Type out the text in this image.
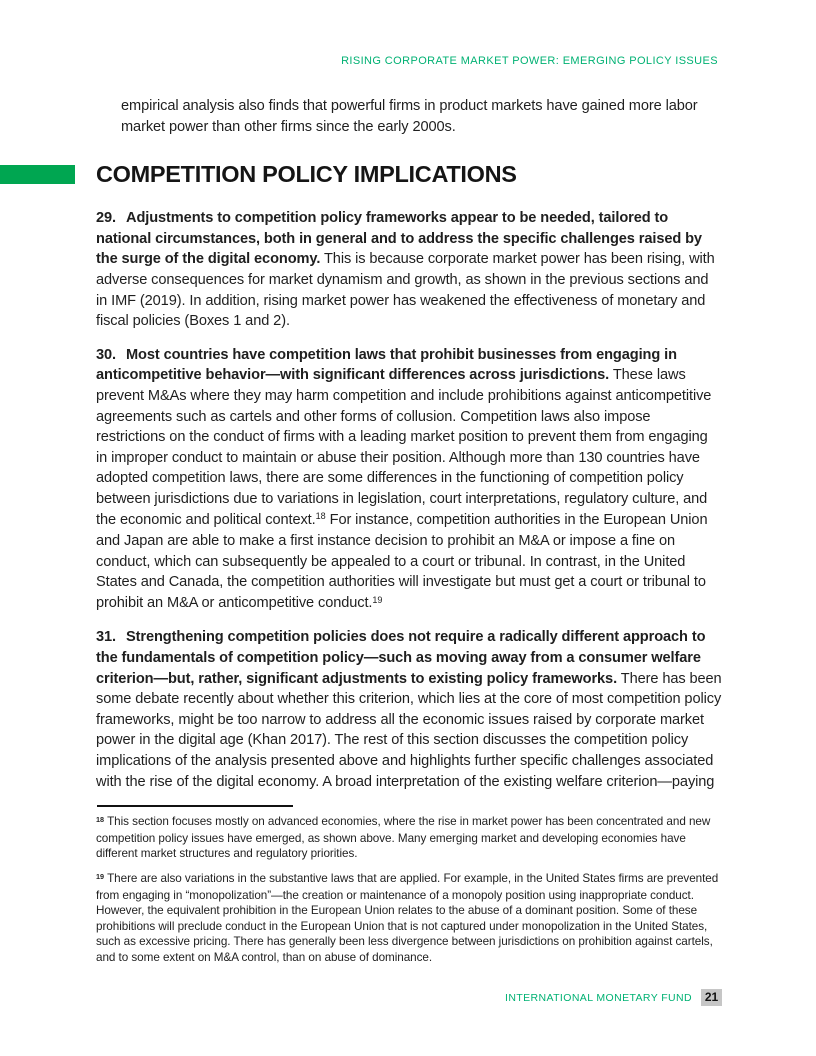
RISING CORPORATE MARKET POWER: EMERGING POLICY ISSUES

empirical analysis also finds that powerful firms in product markets have gained more labor market power than other firms since the early 2000s.

COMPETITION POLICY IMPLICATIONS

29. Adjustments to competition policy frameworks appear to be needed, tailored to national circumstances, both in general and to address the specific challenges raised by the surge of the digital economy. This is because corporate market power has been rising, with adverse consequences for market dynamism and growth, as shown in the previous sections and in IMF (2019). In addition, rising market power has weakened the effectiveness of monetary and fiscal policies (Boxes 1 and 2).

30. Most countries have competition laws that prohibit businesses from engaging in anticompetitive behavior—with significant differences across jurisdictions. These laws prevent M&As where they may harm competition and include prohibitions against anticompetitive agreements such as cartels and other forms of collusion. Competition laws also impose restrictions on the conduct of firms with a leading market position to prevent them from engaging in improper conduct to maintain or abuse their position. Although more than 130 countries have adopted competition laws, there are some differences in the functioning of competition policy between jurisdictions due to variations in legislation, court interpretations, regulatory culture, and the economic and political context.$^{18}$ For instance, competition authorities in the European Union and Japan are able to make a first instance decision to prohibit an M&A or impose a fine on conduct, which can subsequently be appealed to a court or tribunal. In contrast, in the United States and Canada, the competition authorities will investigate but must get a court or tribunal to prohibit an M&A or anticompetitive conduct.$^{19}$

31. Strengthening competition policies does not require a radically different approach to the fundamentals of competition policy—such as moving away from a consumer welfare criterion—but, rather, significant adjustments to existing policy frameworks. There has been some debate recently about whether this criterion, which lies at the core of most competition policy frameworks, might be too narrow to address all the economic issues raised by corporate market power in the digital age (Khan 2017). The rest of this section discusses the competition policy implications of the analysis presented above and highlights further specific challenges associated with the rise of the digital economy. A broad interpretation of the existing welfare criterion—paying

$^{18}$ This section focuses mostly on advanced economies, where the rise in market power has been concentrated and new competition policy issues have emerged, as shown above. Many emerging market and developing economies have different market structures and regulatory priorities.

$^{19}$ There are also variations in the substantive laws that are applied. For example, in the United States firms are prevented from engaging in “monopolization”—the creation or maintenance of a monopoly position using inappropriate conduct. However, the equivalent prohibition in the European Union relates to the abuse of a dominant position. Some of these prohibitions will preclude conduct in the European Union that is not captured under monopolization in the United States, such as excessive pricing. There has generally been less divergence between jurisdictions on prohibition against cartels, and to some extent on M&A control, than on abuse of dominance.

INTERNATIONAL MONETARY FUND	21
